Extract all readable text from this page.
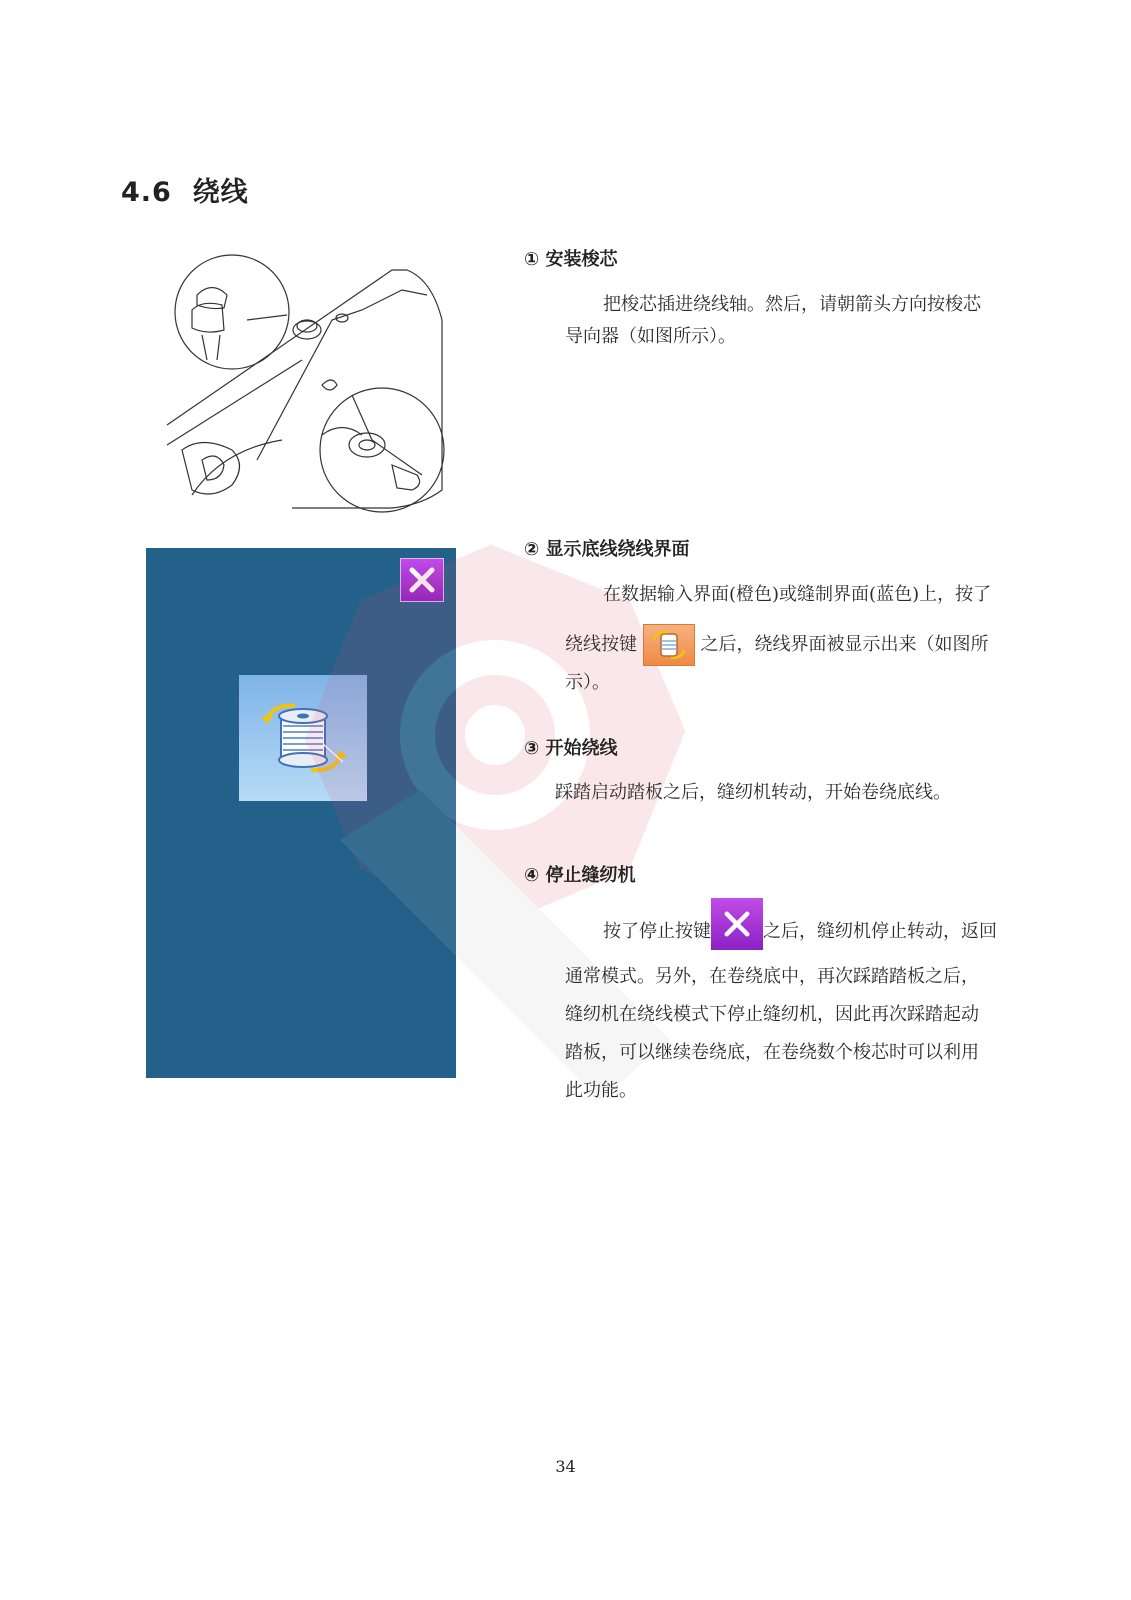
4.6 绕线
① 安装梭芯
把梭芯插进绕线轴。然后，请朝箭头方向按梭芯
导向器（如图所示）。
② 显示底线绕线界面
在数据输入界面(橙色)或缝制界面(蓝色)上，按了
绕线按键	之后，绕线界面被显示出来（如图所
示）。
③ 开始绕线
踩踏启动踏板之后，缝纫机转动，开始卷绕底线。
④ 停止缝纫机
按了停止按键	之后，缝纫机停止转动，返回
通常模式。另外，在卷绕底中，再次踩踏踏板之后，
缝纫机在绕线模式下停止缝纫机，因此再次踩踏起动
踏板，可以继续卷绕底，在卷绕数个梭芯时可以利用
此功能。
34
